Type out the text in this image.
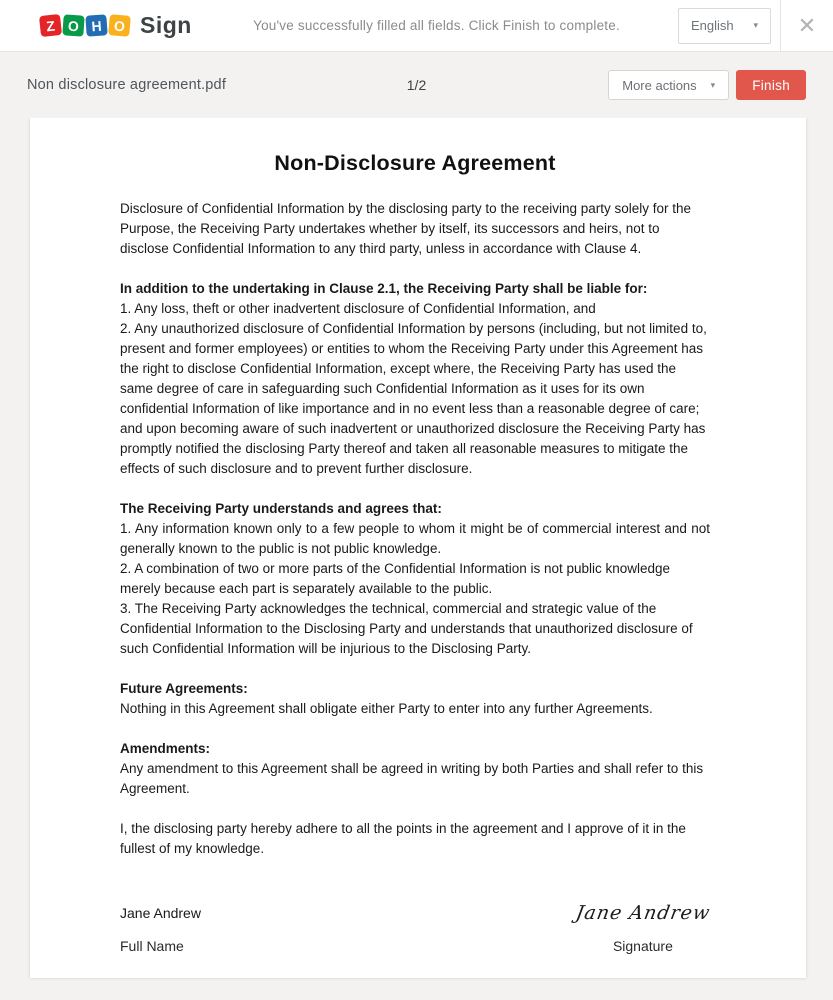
Z O H O Sign	You've successfully filled all fields. Click Finish to complete.	English ▾	✕
Non disclosure agreement.pdf	1/2	More actions ▾	Finish
Non-Disclosure Agreement
Disclosure of Confidential Information by the disclosing party to the receiving party solely for the Purpose, the Receiving Party undertakes whether by itself, its successors and heirs, not to disclose Confidential Information to any third party, unless in accordance with Clause 4.
In addition to the undertaking in Clause 2.1, the Receiving Party shall be liable for:
1. Any loss, theft or other inadvertent disclosure of Confidential Information, and
2. Any unauthorized disclosure of Confidential Information by persons (including, but not limited to, present and former employees) or entities to whom the Receiving Party under this Agreement has the right to disclose Confidential Information, except where, the Receiving Party has used the same degree of care in safeguarding such Confidential Information as it uses for its own confidential Information of like importance and in no event less than a reasonable degree of care; and upon becoming aware of such inadvertent or unauthorized disclosure the Receiving Party has promptly notified the disclosing Party thereof and taken all reasonable measures to mitigate the effects of such disclosure and to prevent further disclosure.
The Receiving Party understands and agrees that:
1. Any information known only to a few people to whom it might be of commercial interest and not generally known to the public is not public knowledge.
2. A combination of two or more parts of the Confidential Information is not public knowledge merely because each part is separately available to the public.
3. The Receiving Party acknowledges the technical, commercial and strategic value of the Confidential Information to the Disclosing Party and understands that unauthorized disclosure of such Confidential Information will be injurious to the Disclosing Party.
Future Agreements:
Nothing in this Agreement shall obligate either Party to enter into any further Agreements.
Amendments:
Any amendment to this Agreement shall be agreed in writing by both Parties and shall refer to this Agreement.
I, the disclosing party hereby adhere to all the points in the agreement and I approve of it in the fullest of my knowledge.
Jane Andrew
Full Name
Jane Andrew
Signature
